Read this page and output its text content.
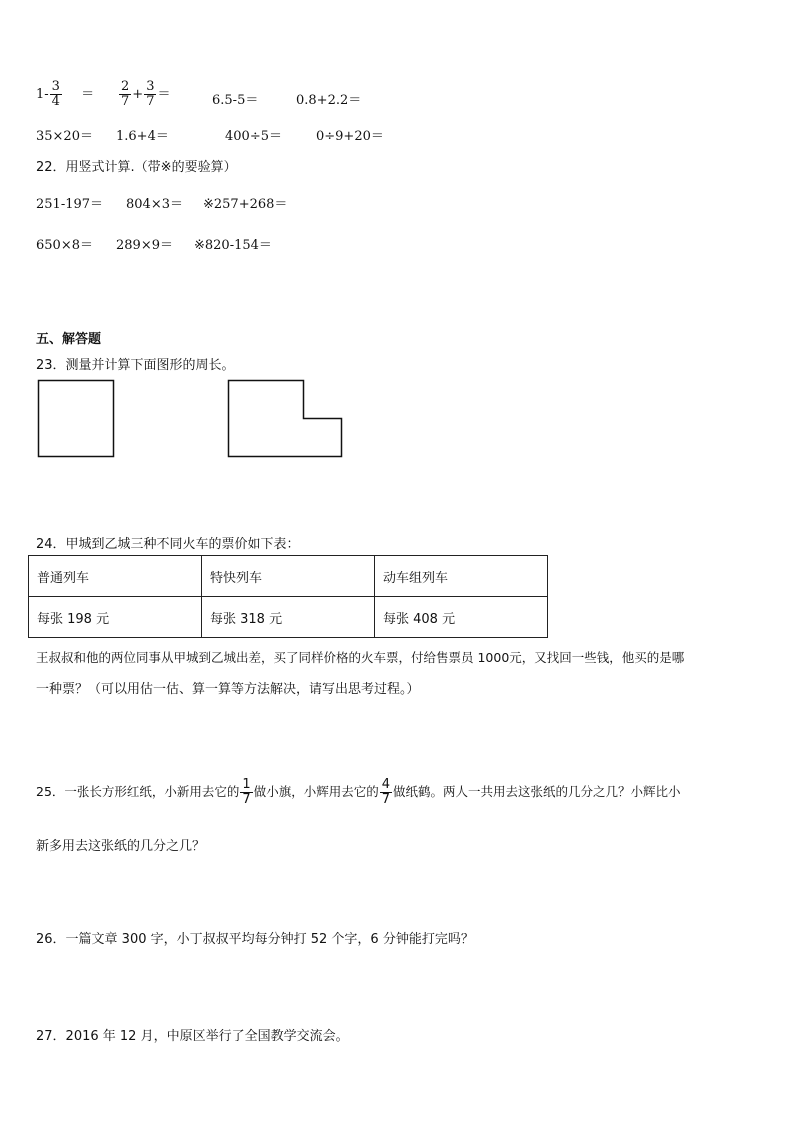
$1- \frac{3}{4} = \frac{2}{7} + \frac{3}{7}$ ＝	6.5-5＝	0.8+2.2＝
35×20＝ 1.6+4＝	400÷5＝	0÷9+20＝
22．用竖式计算.（带※的要验算）
251-197＝ 804×3＝ ※257+268＝
650×8＝ 289×9＝ ※820-154＝
五、解答题
23．测量并计算下面图形的周长。
24．甲城到乙城三种不同火车的票价如下表：
普通列车	特快列车	动车组列车
每张 198 元	每张 318 元	每张 408 元
王叔叔和他的两位同事从甲城到乙城出差，买了同样价格的火车票，付给售票员 1000元，又找回一些钱，他买的是哪
一种票？（可以用估一估、算一算等方法解决，请写出思考过程。）
25．一张长方形红纸，小新用去它的 $\frac{1}{7}$ 做小旗，小辉用去它的 $\frac{4}{7}$ 做纸鹤。两人一共用去这张纸的几分之几？小辉比小
新多用去这张纸的几分之几？
26．一篇文章 300 字，小丁叔叔平均每分钟打 52 个字，6 分钟能打完吗？
27．2016 年 12 月，中原区举行了全国教学交流会。
